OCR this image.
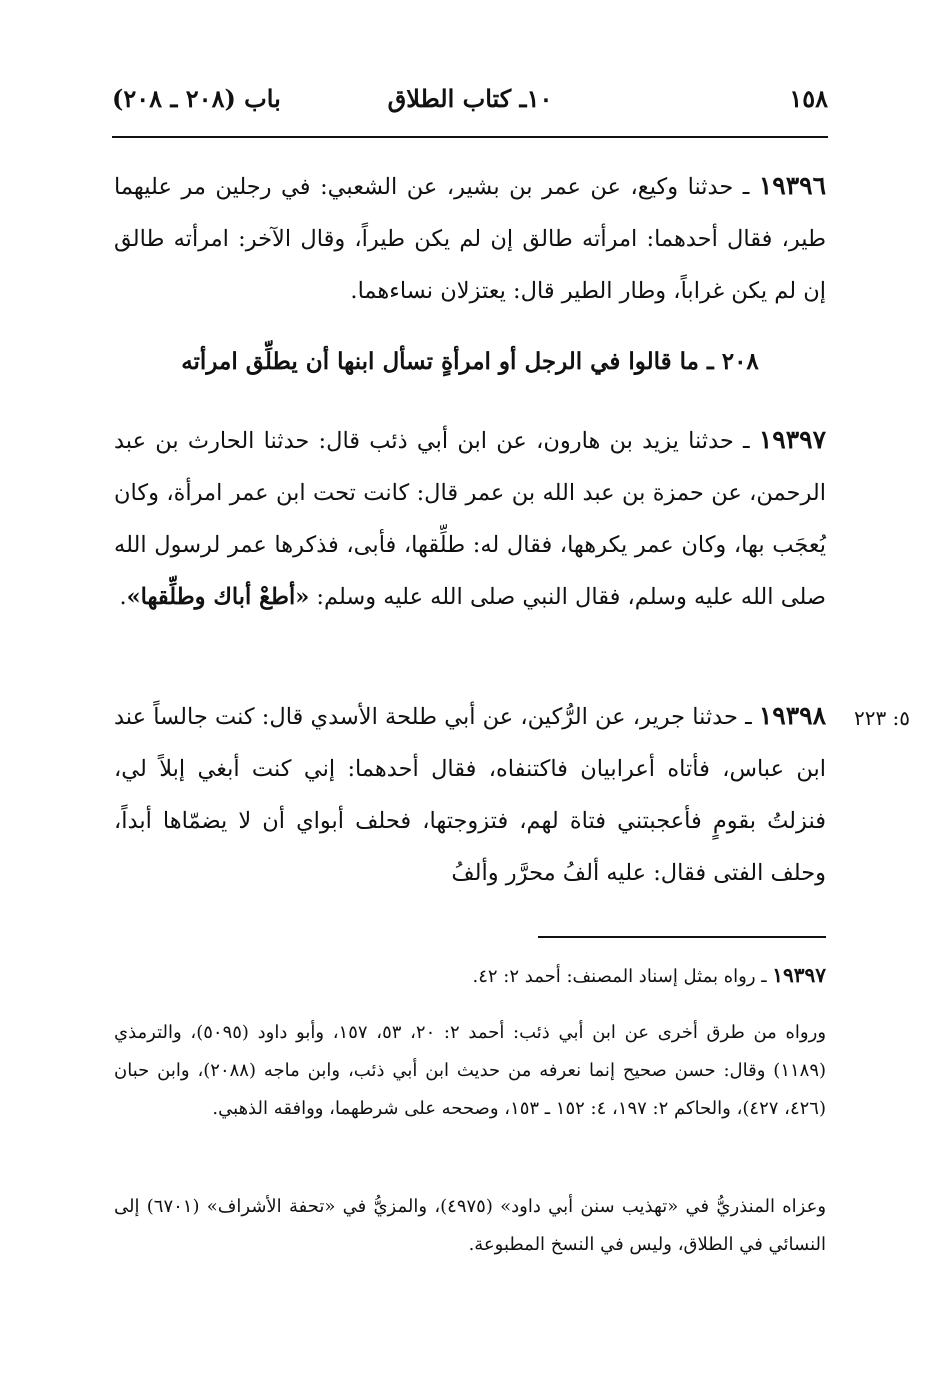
١٥٨
١٠ـ كتاب الطلاق
باب (٢٠٨ ـ ٢٠٨)

١٩٣٩٦ ـ حدثنا وكيع، عن عمر بن بشير، عن الشعبي: في رجلين مر عليهما طير، فقال أحدهما: امرأته طالق إن لم يكن طيراً، وقال الآخر: امرأته طالق إن لم يكن غراباً، وطار الطير قال: يعتزلان نساءهما.

٢٠٨ ـ ما قالوا في الرجل أو امرأةٍ تسأل ابنها أن يطلِّق امرأته

١٩٣٩٧ ـ حدثنا يزيد بن هارون، عن ابن أبي ذئب قال: حدثنا الحارث بن عبد الرحمن، عن حمزة بن عبد الله بن عمر قال: كانت تحت ابن عمر امرأة، وكان يُعجَب بها، وكان عمر يكرهها، فقال له: طلِّقها، فأبى، فذكرها عمر لرسول الله صلى الله عليه وسلم، فقال النبي صلى الله عليه وسلم: «أطعْ أباك وطلِّقها».

٥: ٢٢٣

١٩٣٩٨ ـ حدثنا جرير، عن الرُّكين، عن أبي طلحة الأسدي قال: كنت جالساً عند ابن عباس، فأتاه أعرابيان فاكتنفاه، فقال أحدهما: إني كنت أبغي إبلاً لي، فنزلتُ بقومٍ فأعجبتني فتاة لهم، فتزوجتها، فحلف أبواي أن لا يضمّاها أبداً، وحلف الفتى فقال: عليه ألفُ محرَّر وألفُ

١٩٣٩٧ ـ رواه بمثل إسناد المصنف: أحمد ٢: ٤٢.

ورواه من طرق أخرى عن ابن أبي ذئب: أحمد ٢: ٢٠، ٥٣، ١٥٧، وأبو داود (٥٠٩٥)، والترمذي (١١٨٩) وقال: حسن صحيح إنما نعرفه من حديث ابن أبي ذئب، وابن ماجه (٢٠٨٨)، وابن حبان (٤٢٦، ٤٢٧)، والحاكم ٢: ١٩٧، ٤: ١٥٢ ـ ١٥٣، وصححه على شرطهما، ووافقه الذهبي.

وعزاه المنذريُّ في «تهذيب سنن أبي داود» (٤٩٧٥)، والمزيُّ في «تحفة الأشراف» (٦٧٠١) إلى النسائي في الطلاق، وليس في النسخ المطبوعة.
